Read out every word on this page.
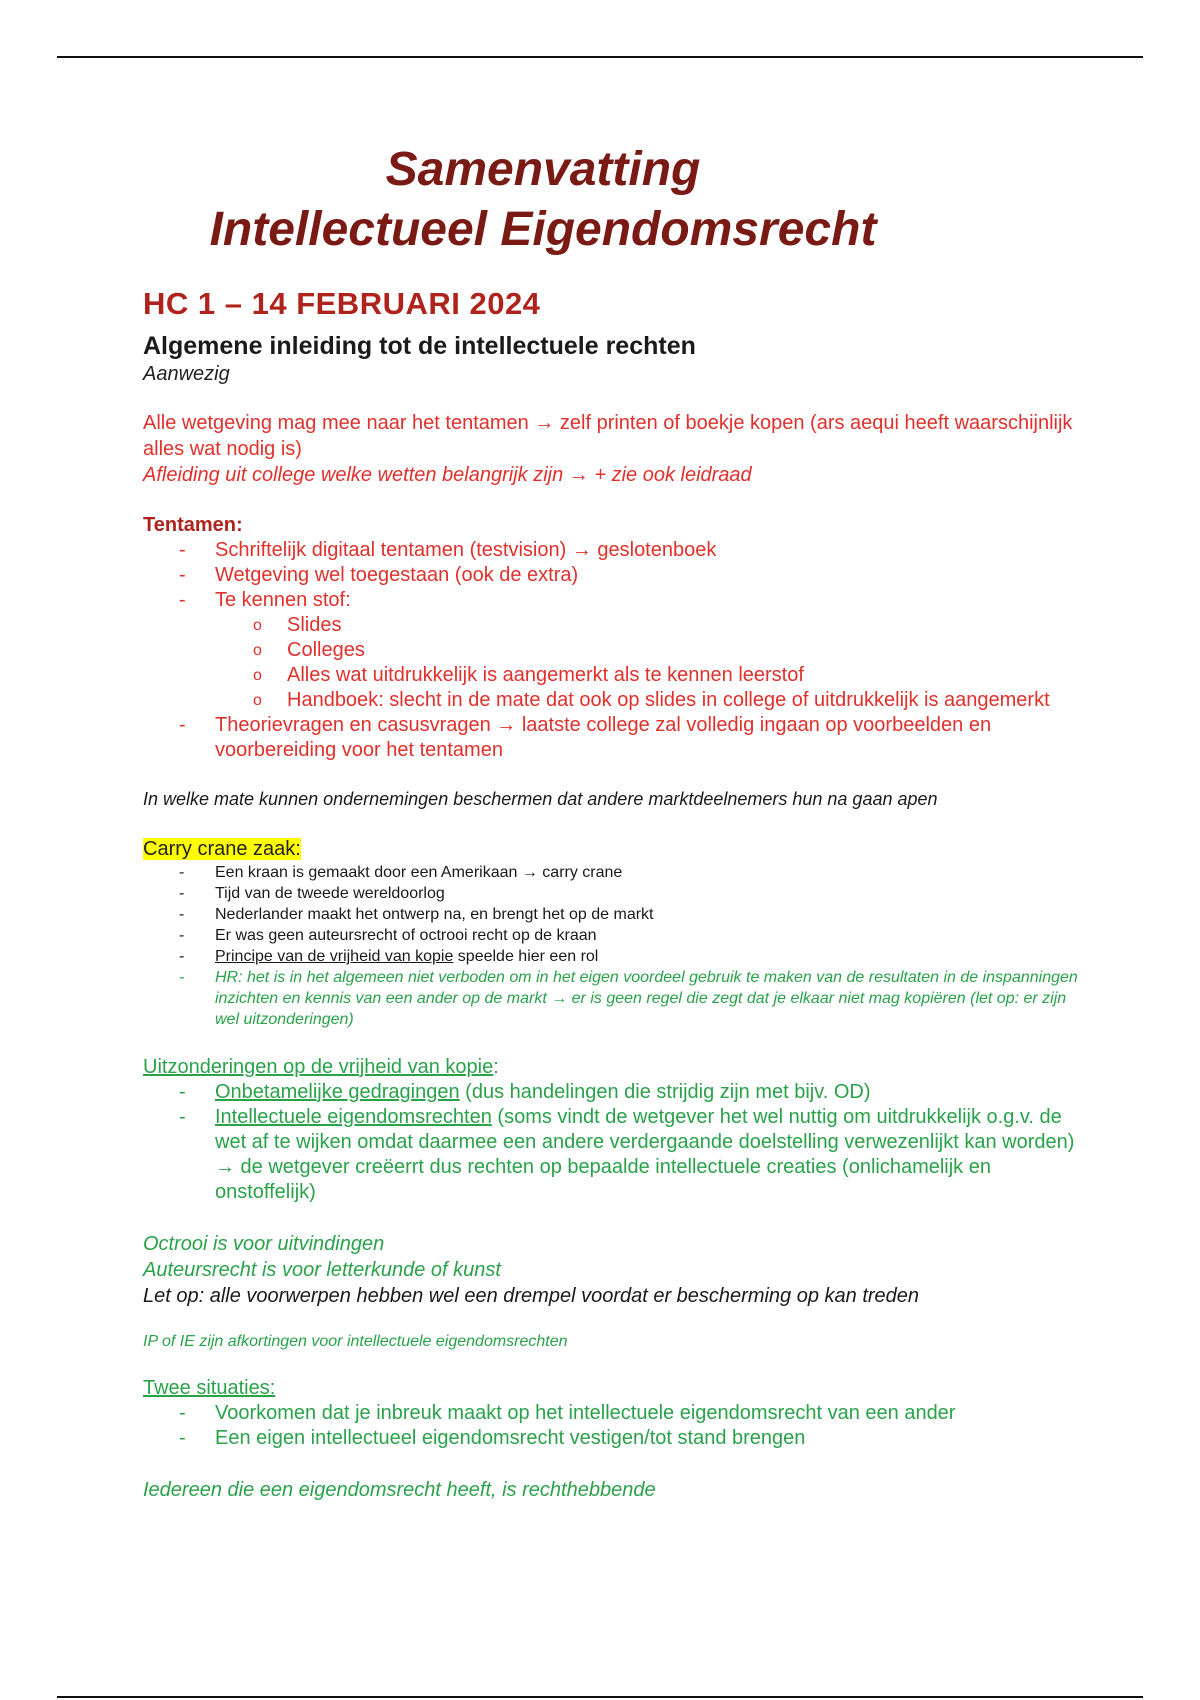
Samenvatting
Intellectueel Eigendomsrecht
HC 1 – 14 FEBRUARI 2024
Algemene inleiding tot de intellectuele rechten
Aanwezig

Alle wetgeving mag mee naar het tentamen → zelf printen of boekje kopen (ars aequi heeft waarschijnlijk alles wat nodig is)

Afleiding uit college welke wetten belangrijk zijn → + zie ook leidraad

Tentamen:

- Schriftelijk digitaal tentamen (testvision) → geslotenboek
- Wetgeving wel toegestaan (ook de extra)
- Te kennen stof:
o Slides
o Colleges
o Alles wat uitdrukkelijk is aangemerkt als te kennen leerstof
o Handboek: slecht in de mate dat ook op slides in college of uitdrukkelijk is aangemerkt
- Theorievragen en casusvragen → laatste college zal volledig ingaan op voorbeelden en voorbereiding voor het tentamen

In welke mate kunnen ondernemingen beschermen dat andere marktdeelnemers hun na gaan apen

Carry crane zaak:

- Een kraan is gemaakt door een Amerikaan → carry crane
- Tijd van de tweede wereldoorlog
- Nederlander maakt het ontwerp na, en brengt het op de markt
- Er was geen auteursrecht of octrooi recht op de kraan
- Principe van de vrijheid van kopie speelde hier een rol
- HR: het is in het algemeen niet verboden om in het eigen voordeel gebruik te maken van de resultaten in de inspanningen inzichten en kennis van een ander op de markt → er is geen regel die zegt dat je elkaar niet mag kopiëren (let op: er zijn wel uitzonderingen)

Uitzonderingen op de vrijheid van kopie:

- Onbetamelijke gedragingen (dus handelingen die strijdig zijn met bijv. OD)
- Intellectuele eigendomsrechten (soms vindt de wetgever het wel nuttig om uitdrukkelijk o.g.v. de wet af te wijken omdat daarmee een andere verdergaande doelstelling verwezenlijkt kan worden) → de wetgever creëerrt dus rechten op bepaalde intellectuele creaties (onlichamelijk en onstoffelijk)

Octrooi is voor uitvindingen

Auteursrecht is voor letterkunde of kunst

Let op: alle voorwerpen hebben wel een drempel voordat er bescherming op kan treden

IP of IE zijn afkortingen voor intellectuele eigendomsrechten

Twee situaties:

- Voorkomen dat je inbreuk maakt op het intellectuele eigendomsrecht van een ander
- Een eigen intellectueel eigendomsrecht vestigen/tot stand brengen

Iedereen die een eigendomsrecht heeft, is rechthebbende
